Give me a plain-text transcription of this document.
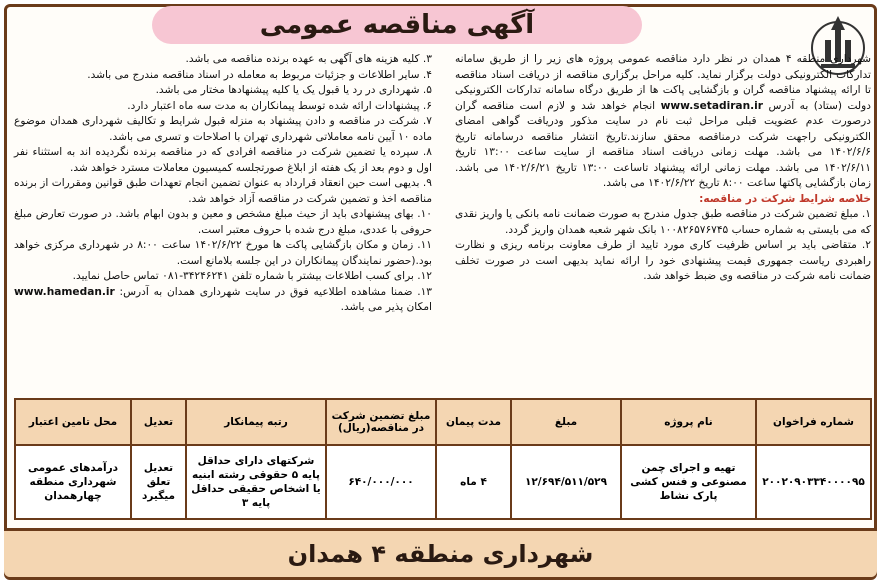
آگهی مناقصه عمومی

شهرداری منطقه ۴ همدان در نظر دارد مناقصه عمومی پروژه های زیر را از طریق سامانه تدارکات الکترونیکی دولت برگزار نماید. کلیه مراحل برگزاری مناقصه از دریافت اسناد مناقصه تا ارائه پیشنهاد مناقصه گران و بازگشایی پاکت ها از طریق درگاه سامانه تدارکات الکترونیکی دولت (ستاد) به آدرس www.setadiran.ir انجام خواهد شد و لازم است مناقصه گران درصورت عدم عضویت قبلی مراحل ثبت نام در سایت مذکور ودریافت گواهی امضای الکترونیکی راجهت شرکت درمناقصه محقق سازند.تاریخ انتشار مناقصه درسامانه تاریخ ۱۴۰۲/۶/۶ می باشد. مهلت زمانی دریافت اسناد مناقصه از سایت ساعت ۱۳:۰۰ تاریخ ۱۴۰۲/۶/۱۱ می باشد. مهلت زمانی ارائه پیشنهاد تاساعت ۱۳:۰۰ تاریخ ۱۴۰۲/۶/۲۱ می باشد. زمان بازگشایی پاکتها ساعت ۸:۰۰ تاریخ ۱۴۰۲/۶/۲۲ می باشد.

خلاصه شرایط شرکت در مناقصه:

۱. مبلغ تضمین شرکت در مناقصه طبق جدول مندرج به صورت ضمانت نامه بانکی یا واریز نقدی که می بایستی به شماره حساب ۱۰۰۸۲۶۵۷۶۷۴۵ بانک شهر شعبه همدان واریز گردد.

۲. متقاضی باید بر اساس ظرفیت کاری مورد تایید از طرف معاونت برنامه ریزی و نظارت راهبردی ریاست جمهوری قیمت پیشنهادی خود را ارائه نماید بدیهی است در صورت تخلف ضمانت نامه شرکت در مناقصه وی ضبط خواهد شد.

۳. کلیه هزینه های آگهی به عهده برنده مناقصه می باشد.

۴. سایر اطلاعات و جزئیات مربوط به معامله در اسناد مناقصه مندرج می باشد.

۵. شهرداری در رد یا قبول یک یا کلیه پیشنهادها مختار می باشد.

۶. پیشنهادات ارائه شده توسط پیمانکاران به مدت سه ماه اعتبار دارد.

۷. شرکت در مناقصه و دادن پیشنهاد به منزله قبول شرایط و تکالیف شهرداری همدان موضوع ماده ۱۰ آیین نامه معاملاتی شهرداری تهران با اصلاحات و تسری می باشد.

۸. سپرده یا تضمین شرکت در مناقصه افرادی که در مناقصه برنده نگردیده اند به استثناء نفر اول و دوم بعد از یک هفته از ابلاغ صورتجلسه کمیسیون معاملات مسترد خواهد شد.

۹. بدیهی است حین انعقاد قرارداد به عنوان تضمین انجام تعهدات طبق قوانین ومقررات از برنده مناقصه اخذ و تضمین شرکت در مناقصه آزاد خواهد شد.

۱۰. بهای پیشنهادی باید از حیث مبلغ مشخص و معین و بدون ابهام باشد. در صورت تعارض مبلغ حروفی با عددی، مبلغ درج شده با حروف معتبر است.

۱۱. زمان و مکان بازگشایی پاکت ها مورخ ۱۴۰۲/۶/۲۲ ساعت ۸:۰۰ در شهرداری مرکزی خواهد بود.(حضور نمایندگان پیمانکاران در این جلسه بلامانع است.

۱۲. برای کسب اطلاعات بیشتر با شماره تلفن ۳۴۲۴۶۲۴۱-۰۸۱ تماس حاصل نمایید.

۱۳. ضمنا مشاهده اطلاعیه فوق در سایت شهرداری همدان به آدرس: www.hamedan.ir امکان پذیر می باشد.

شماره فراخوان	نام پروژه	مبلغ	مدت پیمان	مبلغ تضمین شرکت در مناقصه(ریال)	رتبه پیمانکار	تعدیل	محل تامین اعتبار
۲۰۰۲۰۹۰۳۳۴۰۰۰۰۹۵	تهیه و اجرای چمن مصنوعی و فنس کشی پارک نشاط	۱۲/۶۹۴/۵۱۱/۵۲۹	۴ ماه	۶۴۰/۰۰۰/۰۰۰	شرکتهای دارای حداقل پایه ۵ حقوقی رشته ابنیه یا اشخاص حقیقی حداقل پایه ۳	تعدیل تعلق میگیرد	درآمدهای عمومی شهرداری منطقه چهارهمدان
شهرداری منطقه ۴ همدان
